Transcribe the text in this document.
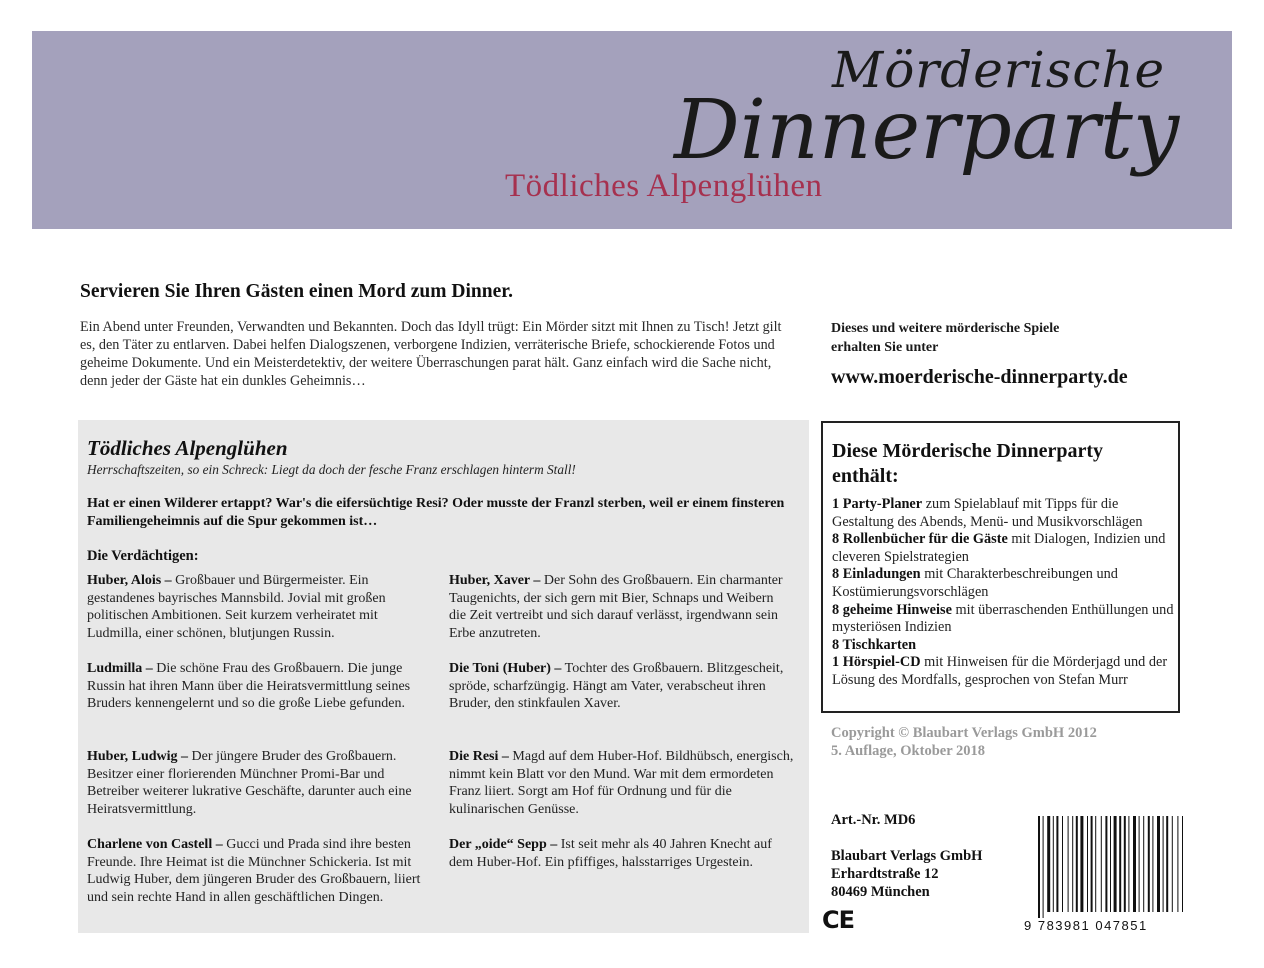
Mörderische
Dinnerparty
Tödliches Alpenglühen
Servieren Sie Ihren Gästen einen Mord zum Dinner.

Ein Abend unter Freunden, Verwandten und Bekannten. Doch das Idyll trügt: Ein Mörder sitzt mit Ihnen zu Tisch! Jetzt gilt es, den Täter zu entlarven. Dabei helfen Dialogszenen, verborgene Indizien, verräterische Briefe, schockierende Fotos und geheime Dokumente. Und ein Meisterdetektiv, der weitere Überraschungen parat hält. Ganz einfach wird die Sache nicht, denn jeder der Gäste hat ein dunkles Geheimnis…

Dieses und weitere mörderische Spiele
erhalten Sie unter

www.moerderische-dinnerparty.de
Tödliches Alpenglühen
Herrschaftszeiten, so ein Schreck: Liegt da doch der fesche Franz erschlagen hinterm Stall!

Hat er einen Wilderer ertappt? War's die eifersüchtige Resi? Oder musste der Franzl sterben, weil er einem finsteren Familiengeheimnis auf die Spur gekommen ist…

Die Verdächtigen:

Huber, Alois – Großbauer und Bürgermeister. Ein gestandenes bayrisches Mannsbild. Jovial mit großen politischen Ambitionen. Seit kurzem verheiratet mit Ludmilla, einer schönen, blutjungen Russin.

Huber, Xaver – Der Sohn des Großbauern. Ein charmanter Taugenichts, der sich gern mit Bier, Schnaps und Weibern die Zeit vertreibt und sich darauf verlässt, irgendwann sein Erbe anzutreten.

Ludmilla – Die schöne Frau des Großbauern. Die junge Russin hat ihren Mann über die Heiratsvermittlung seines Bruders kennengelernt und so die große Liebe gefunden.

Die Toni (Huber) – Tochter des Großbauern. Blitzgescheit, spröde, scharfzüngig. Hängt am Vater, verabscheut ihren Bruder, den stinkfaulen Xaver.

Huber, Ludwig – Der jüngere Bruder des Großbauern. Besitzer einer florierenden Münchner Promi-Bar und Betreiber weiterer lukrative Geschäfte, darunter auch eine Heiratsvermittlung.

Die Resi – Magd auf dem Huber-Hof. Bildhübsch, energisch, nimmt kein Blatt vor den Mund. War mit dem ermordeten Franz liiert. Sorgt am Hof für Ordnung und für die kulinarischen Genüsse.

Charlene von Castell – Gucci und Prada sind ihre besten Freunde. Ihre Heimat ist die Münchner Schickeria. Ist mit Ludwig Huber, dem jüngeren Bruder des Großbauern, liiert und sein rechte Hand in allen geschäftlichen Dingen.

Der „oide“ Sepp – Ist seit mehr als 40 Jahren Knecht auf dem Huber-Hof. Ein pfiffiges, halsstarriges Urgestein.

Diese Mörderische Dinnerparty enthält:
1 Party-Planer zum Spielablauf mit Tipps für die Gestaltung des Abends, Menü- und Musikvorschlägen
8 Rollenbücher für die Gäste mit Dialogen, Indizien und cleveren Spielstrategien
8 Einladungen mit Charakterbeschreibungen und Kostümierungsvorschlägen
8 geheime Hinweise mit überraschenden Enthüllungen und mysteriösen Indizien
8 Tischkarten
1 Hörspiel-CD mit Hinweisen für die Mörderjagd und der Lösung des Mordfalls, gesprochen von Stefan Murr

Copyright © Blaubart Verlags GmbH 2012
5. Auflage, Oktober 2018

Art.-Nr. MD6

Blaubart Verlags GmbH
Erhardtstraße 12
80469 München

CE	9 783981 047851
